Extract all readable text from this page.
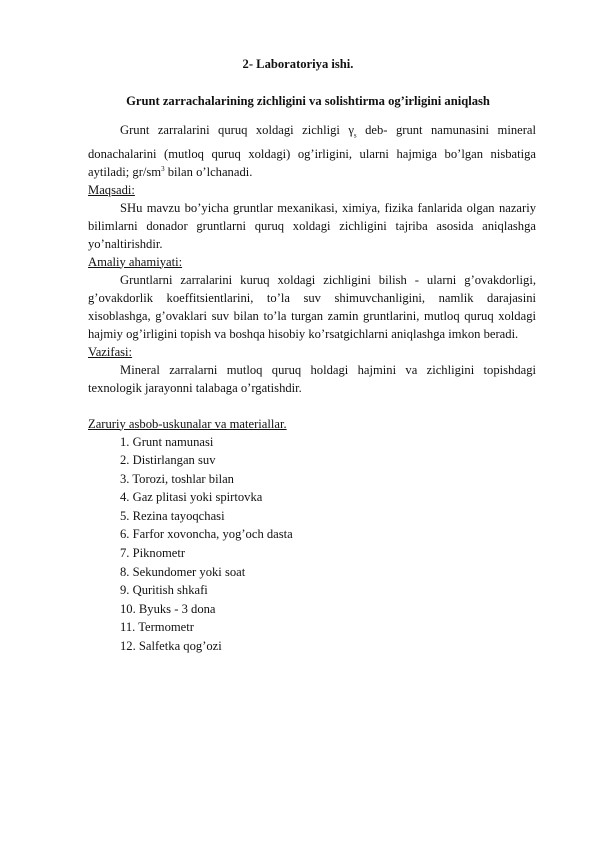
2- Laboratoriya ishi.
Grunt zarrachalarining zichligini va solishtirma og’irligini aniqlash

Grunt zarralarini quruq xoldagi zichligi $\gamma_s$ deb- grunt namunasini mineral donachalarini (mutloq quruq xoldagi) og’irligini, ularni hajmiga bo’lgan nisbatiga aytiladi; $gr/sm^3$ bilan o’lchanadi.

Maqsadi:

SHu mavzu bo’yicha gruntlar mexanikasi, ximiya, fizika fanlarida olgan nazariy bilimlarni donador gruntlarni quruq xoldagi zichligini tajriba asosida aniqlashga yo’naltirishdir.

Amaliy ahamiyati:

Gruntlarni zarralarini kuruq xoldagi zichligini bilish - ularni g’ovakdorligi, g’ovakdorlik koeffitsientlarini, to’la suv shimuvchanligini, namlik darajasini xisoblashga, g’ovaklari suv bilan to’la turgan zamin gruntlarini, mutloq quruq xoldagi hajmiy og’irligini topish va boshqa hisobiy ko’rsatgichlarni aniqlashga imkon beradi.

Vazifasi:

Mineral zarralarni mutloq quruq holdagi hajmini va zichligini topishdagi texnologik jarayonni talabaga o’rgatishdir.

Zaruriy asbob-uskunalar va materiallar.

1. Grunt namunasi
2. Distirlangan suv
3. Torozi, toshlar bilan
4. Gaz plitasi yoki spirtovka
5. Rezina tayoqchasi
6. Farfor xovoncha, yog’och dasta
7. Piknometr
8. Sekundomer yoki soat
9. Quritish shkafi
10. Byuks - 3 dona
11. Termometr
12. Salfetka qog’ozi
